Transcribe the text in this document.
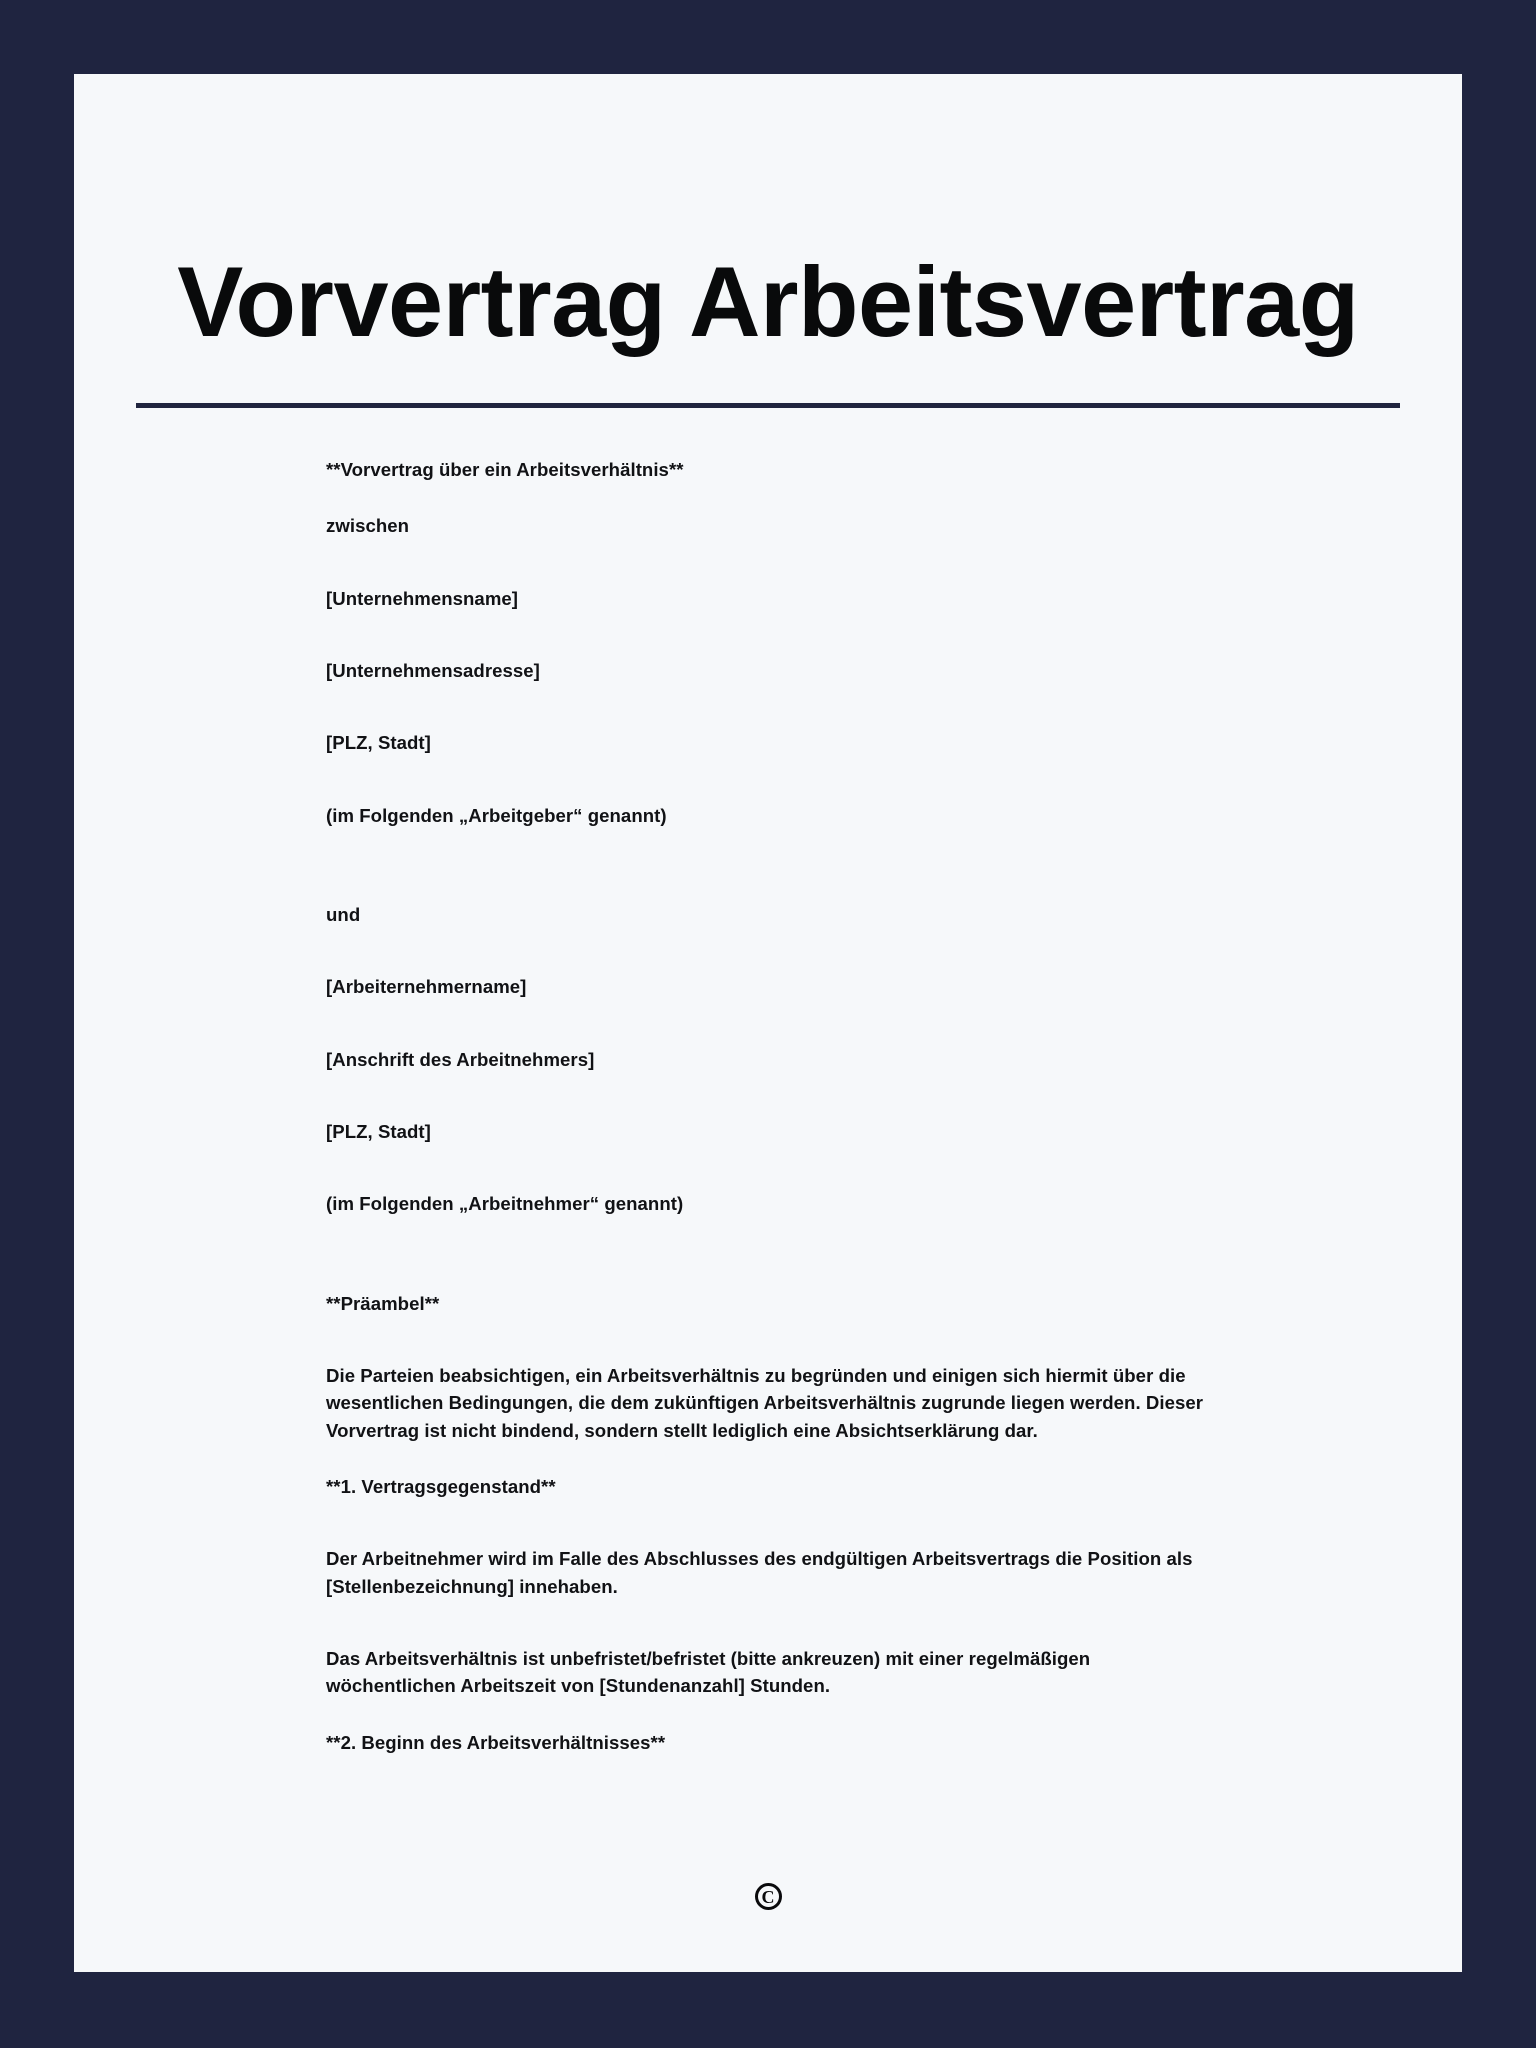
Vorvertrag Arbeitsvertrag

**Vorvertrag über ein Arbeitsverhältnis**

zwischen

[Unternehmensname]

[Unternehmensadresse]

[PLZ, Stadt]

(im Folgenden „Arbeitgeber“ genannt)

und

[Arbeiternehmername]

[Anschrift des Arbeitnehmers]

[PLZ, Stadt]

(im Folgenden „Arbeitnehmer“ genannt)

**Präambel**

Die Parteien beabsichtigen, ein Arbeitsverhältnis zu begründen und einigen sich hiermit über die wesentlichen Bedingungen, die dem zukünftigen Arbeitsverhältnis zugrunde liegen werden. Dieser Vorvertrag ist nicht bindend, sondern stellt lediglich eine Absichtserklärung dar.

**1. Vertragsgegenstand**

Der Arbeitnehmer wird im Falle des Abschlusses des endgültigen Arbeitsvertrags die Position als [Stellenbezeichnung] innehaben.

Das Arbeitsverhältnis ist unbefristet/befristet (bitte ankreuzen) mit einer regelmäßigen wöchentlichen Arbeitszeit von [Stundenanzahl] Stunden.

**2. Beginn des Arbeitsverhältnisses**

C
